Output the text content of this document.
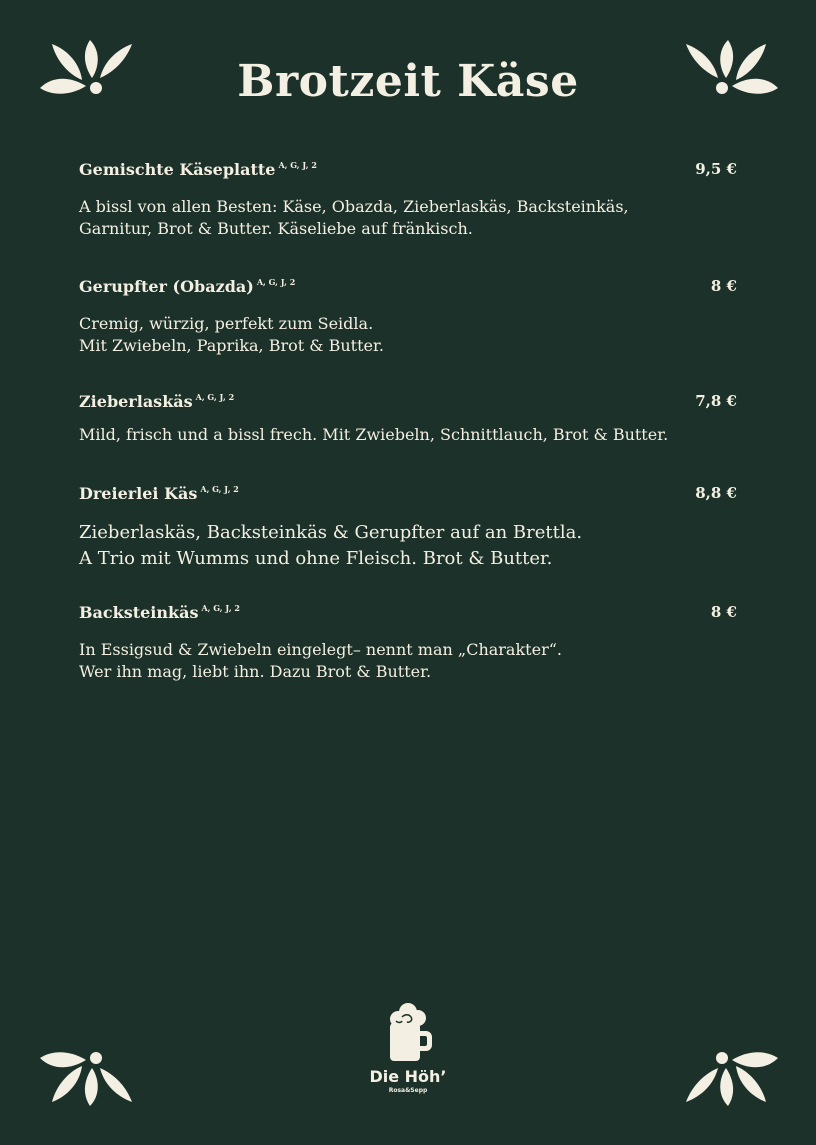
Brotzeit Käse
Gemischte Käseplatte $^{A, G, J, 2}$	9,5 €
A bissl von allen Besten: Käse, Obazda, Zieberlaskäs, Backsteinkäs,
Garnitur, Brot & Butter. Käseliebe auf fränkisch.
Gerupfter (Obazda) $^{A, G, J, 2}$	8 €
Cremig, würzig, perfekt zum Seidla.
Mit Zwiebeln, Paprika, Brot & Butter.
Zieberlaskäs $^{A, G, J, 2}$	7,8 €
Mild, frisch und a bissl frech. Mit Zwiebeln, Schnittlauch, Brot & Butter.
Dreierlei Käs $^{A, G, J, 2}$	8,8 €
Zieberlaskäs, Backsteinkäs & Gerupfter auf an Brettla.
A Trio mit Wumms und ohne Fleisch. Brot & Butter.
Backsteinkäs $^{A, G, J, 2}$	8 €
In Essigsud & Zwiebeln eingelegt– nennt man „Charakter“.
Wer ihn mag, liebt ihn. Dazu Brot & Butter.
Die Höh’
Rosa&Sepp
